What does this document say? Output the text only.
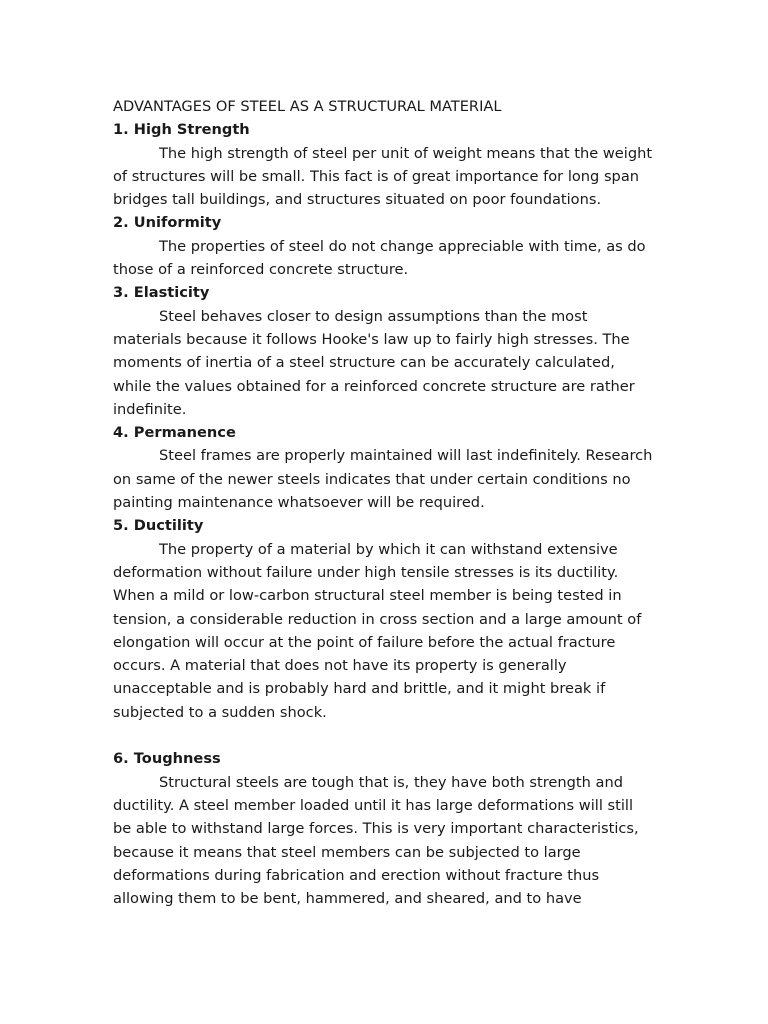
ADVANTAGES OF STEEL AS A STRUCTURAL MATERIAL
1. High Strength

The high strength of steel per unit of weight means that the weight of structures will be small. This fact is of great importance for long span bridges tall buildings, and structures situated on poor foundations.

2. Uniformity

The properties of steel do not change appreciable with time, as do those of a reinforced concrete structure.

3. Elasticity

Steel behaves closer to design assumptions than the most materials because it follows Hooke's law up to fairly high stresses. The moments of inertia of a steel structure can be accurately calculated, while the values obtained for a reinforced concrete structure are rather indefinite.

4. Permanence

Steel frames are properly maintained will last indefinitely. Research on same of the newer steels indicates that under certain conditions no painting maintenance whatsoever will be required.

5. Ductility

The property of a material by which it can withstand extensive deformation without failure under high tensile stresses is its ductility. When a mild or low-carbon structural steel member is being tested in tension, a considerable reduction in cross section and a large amount of elongation will occur at the point of failure before the actual fracture occurs. A material that does not have its property is generally unacceptable and is probably hard and brittle, and it might break if subjected to a sudden shock.

6. Toughness

Structural steels are tough that is, they have both strength and ductility. A steel member loaded until it has large deformations will still be able to withstand large forces. This is very important characteristics, because it means that steel members can be subjected to large deformations during fabrication and erection without fracture thus allowing them to be bent, hammered, and sheared, and to have
